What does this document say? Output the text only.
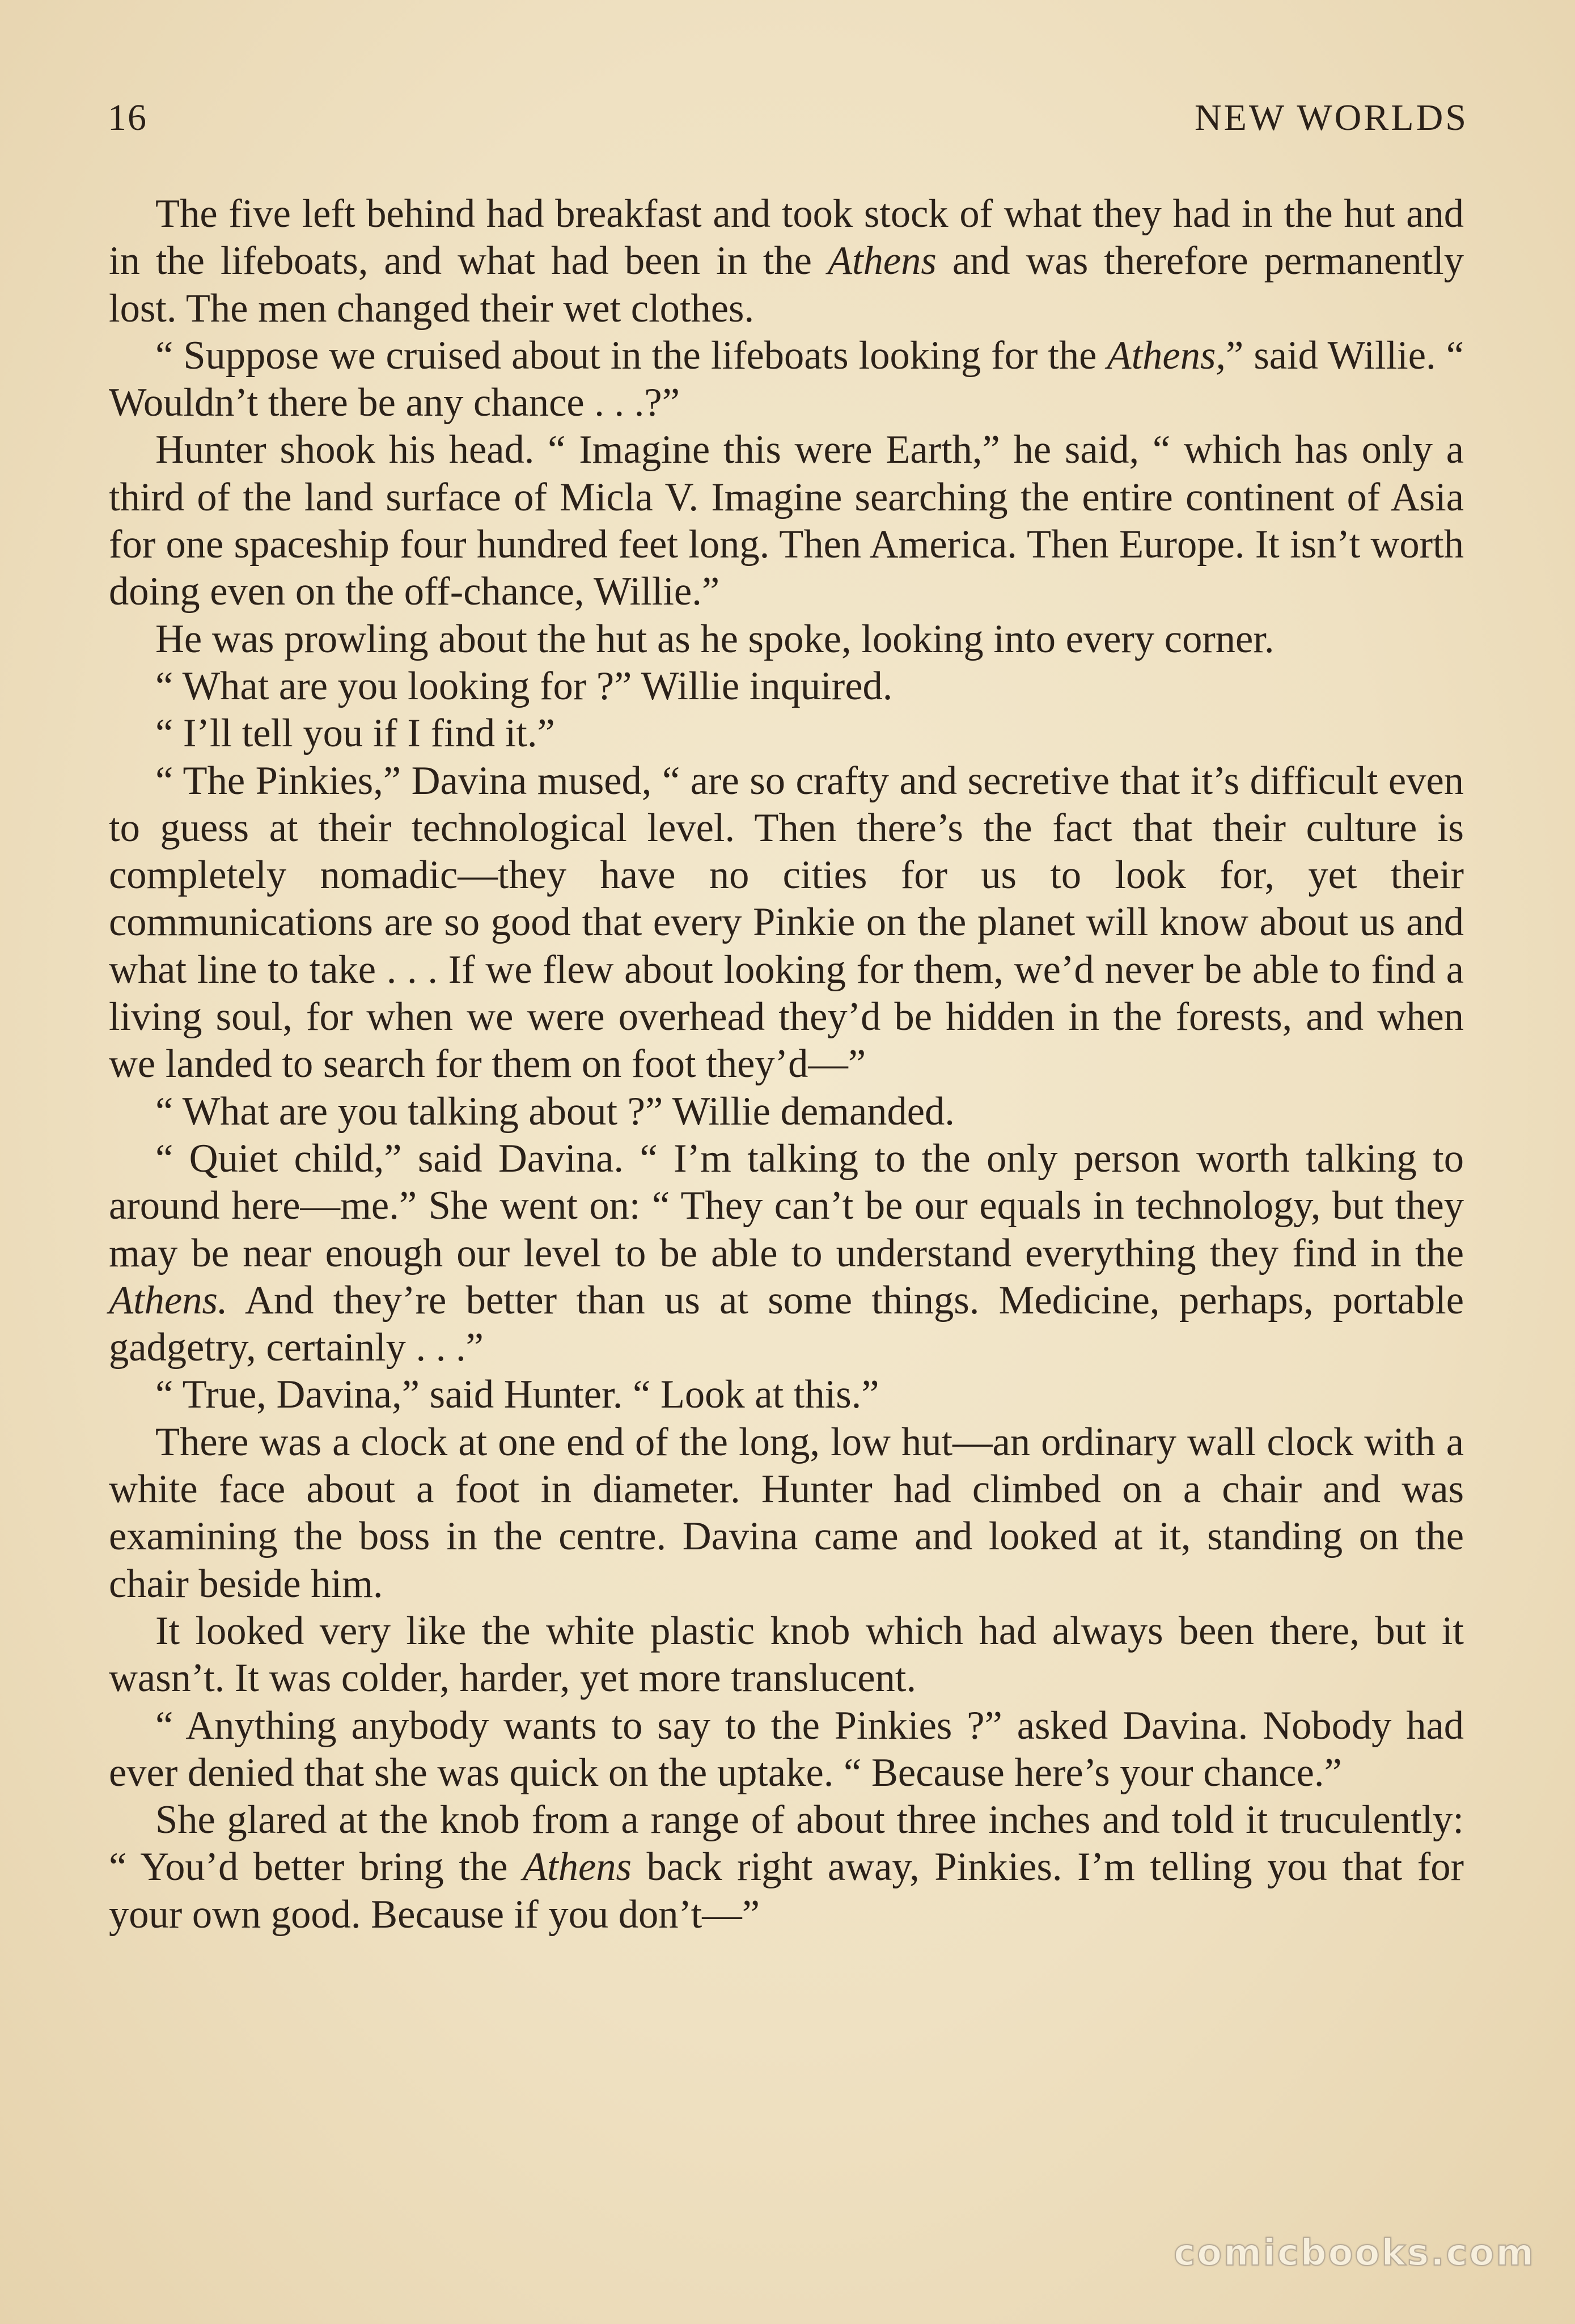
16	NEW WORLDS

The five left behind had breakfast and took stock of what they had in the hut and in the lifeboats, and what had been in the Athens and was therefore permanently lost. The men changed their wet clothes.

“ Suppose we cruised about in the lifeboats looking for the Athens,” said Willie. “ Wouldn’t there be any chance . . .?”

Hunter shook his head. “ Imagine this were Earth,” he said, “ which has only a third of the land surface of Micla V. Imagine searching the entire continent of Asia for one spaceship four hundred feet long. Then America. Then Europe. It isn’t worth doing even on the off-chance, Willie.”

He was prowling about the hut as he spoke, looking into every corner.

“ What are you looking for ?” Willie inquired.

“ I’ll tell you if I find it.”

“ The Pinkies,” Davina mused, “ are so crafty and secretive that it’s difficult even to guess at their technological level. Then there’s the fact that their culture is completely nomadic—they have no cities for us to look for, yet their communications are so good that every Pinkie on the planet will know about us and what line to take . . . If we flew about looking for them, we’d never be able to find a living soul, for when we were overhead they’d be hidden in the forests, and when we landed to search for them on foot they’d—”

“ What are you talking about ?” Willie demanded.

“ Quiet child,” said Davina. “ I’m talking to the only person worth talking to around here—me.” She went on: “ They can’t be our equals in technology, but they may be near enough our level to be able to understand everything they find in the Athens. And they’re better than us at some things. Medicine, perhaps, portable gadgetry, certainly . . .”

“ True, Davina,” said Hunter. “ Look at this.”

There was a clock at one end of the long, low hut—an ordinary wall clock with a white face about a foot in diameter. Hunter had climbed on a chair and was examining the boss in the centre. Davina came and looked at it, standing on the chair beside him.

It looked very like the white plastic knob which had always been there, but it wasn’t. It was colder, harder, yet more translucent.

“ Anything anybody wants to say to the Pinkies ?” asked Davina. Nobody had ever denied that she was quick on the uptake. “ Because here’s your chance.”

She glared at the knob from a range of about three inches and told it truculently: “ You’d better bring the Athens back right away, Pinkies. I’m telling you that for your own good. Because if you don’t—”

comicbooks.com
